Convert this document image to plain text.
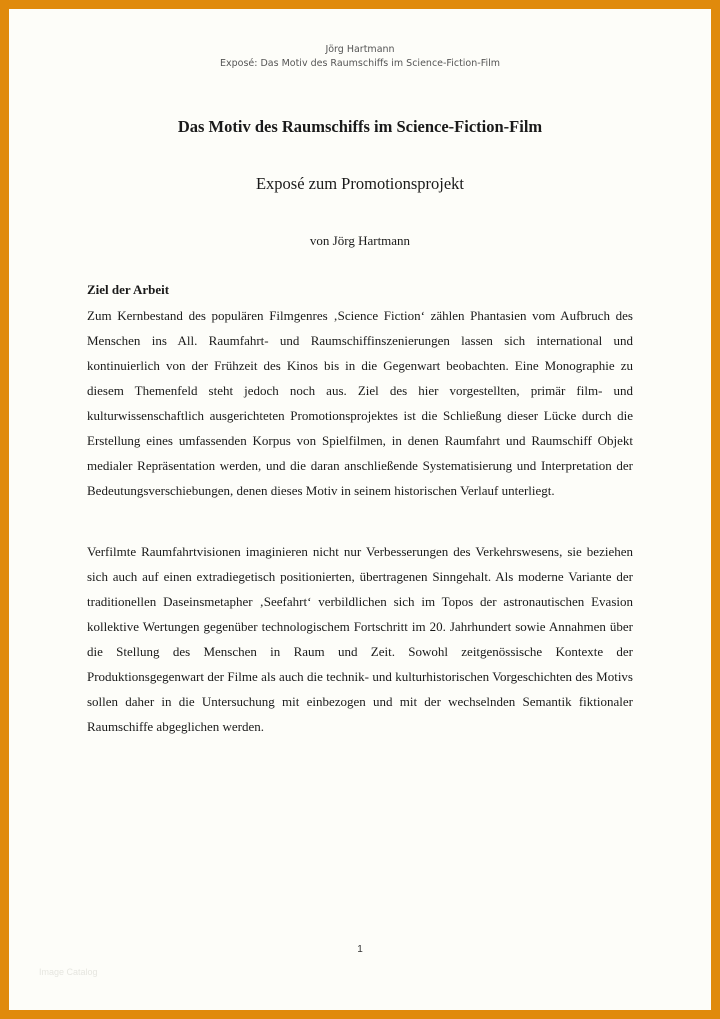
Jörg Hartmann
Exposé: Das Motiv des Raumschiffs im Science-Fiction-Film
Das Motiv des Raumschiffs im Science-Fiction-Film
Exposé zum Promotionsprojekt
von Jörg Hartmann
Ziel der Arbeit

Zum Kernbestand des populären Filmgenres ‚Science Fiction‘ zählen Phantasien vom Aufbruch des Menschen ins All. Raumfahrt- und Raumschiffinszenierungen lassen sich international und kontinuierlich von der Frühzeit des Kinos bis in die Gegenwart beobachten. Eine Monographie zu diesem Themenfeld steht jedoch noch aus. Ziel des hier vorgestellten, primär film- und kulturwissenschaftlich ausgerichteten Promotionsprojektes ist die Schließung dieser Lücke durch die Erstellung eines umfassenden Korpus von Spielfilmen, in denen Raumfahrt und Raumschiff Objekt medialer Repräsentation werden, und die daran anschließende Systematisierung und Interpretation der Bedeutungsverschiebungen, denen dieses Motiv in seinem historischen Verlauf unterliegt.

Verfilmte Raumfahrtvisionen imaginieren nicht nur Verbesserungen des Verkehrswesens, sie beziehen sich auch auf einen extradiegetisch positionierten, übertragenen Sinngehalt. Als moderne Variante der traditionellen Daseinsmetapher ‚Seefahrt‘ verbildlichen sich im Topos der astronautischen Evasion kollektive Wertungen gegenüber technologischem Fortschritt im 20. Jahrhundert sowie Annahmen über die Stellung des Menschen in Raum und Zeit. Sowohl zeitgenössische Kontexte der Produktionsgegenwart der Filme als auch die technik- und kulturhistorischen Vorgeschichten des Motivs sollen daher in die Untersuchung mit einbezogen und mit der wechselnden Semantik fiktionaler Raumschiffe abgeglichen werden.

1
Image Catalog
